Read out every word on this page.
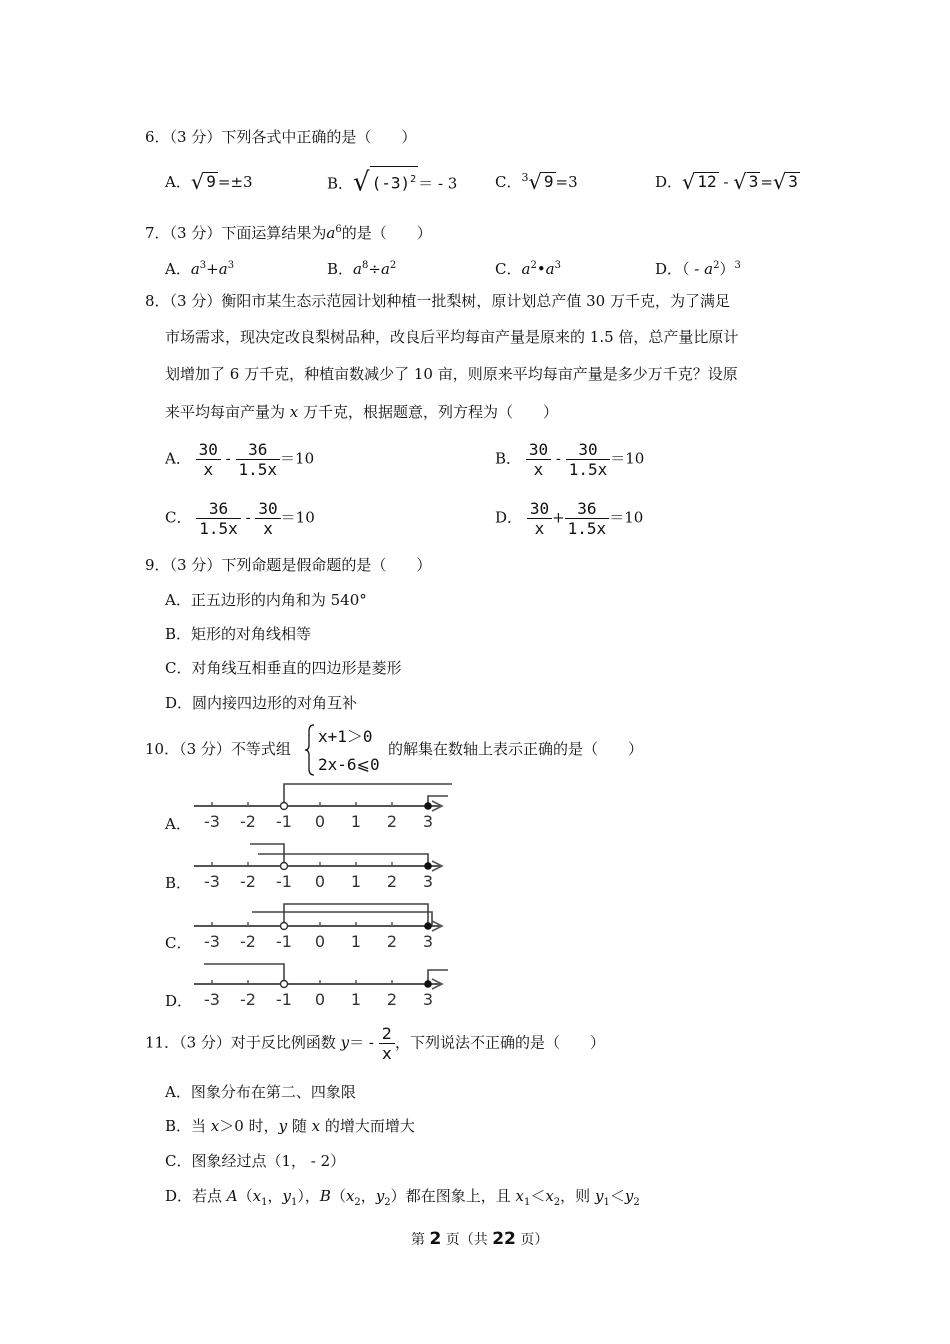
6．（3 分）下列各式中正确的是（　　）
A．√ 9 =±3	B．√ $(-3)^2$ ＝ - 3	C．$^3$√ 9 =3	D．√ 12 - √ 3 =√ 3
7．（3 分）下面运算结果为$a^6$的是（　　）
A．$a^3+a^3$	B．$a^8\div a^2$	C．$a^2•a^3$	D．（ - $a^2)^3$
8．（3 分）衡阳市某生态示范园计划种植一批梨树，原计划总产值 30 万千克，为了满足
市场需求，现决定改良梨树品种，改良后平均每亩产量是原来的 1.5 倍，总产量比原计
划增加了 6 万千克，种植亩数减少了 10 亩，则原来平均每亩产量是多少万千克？设原
来平均每亩产量为 x 万千克，根据题意，列方程为（　　）
A． $\frac{30}{x} - \frac{36}{1.5x} =10$	B． $\frac{30}{x} - \frac{30}{1.5x} =10$
C． $\frac{36}{1.5x} - \frac{30}{x} =10$	D． $\frac{30}{x} + \frac{36}{1.5x} =10$
9．（3 分）下列命题是假命题的是（　　）
A．正五边形的内角和为 540°
B．矩形的对角线相等
C．对角线互相垂直的四边形是菱形
D．圆内接四边形的对角互补
10．（3 分）不等式组
x+1＞0
2x-6⩽0
的解集在数轴上表示正确的是（　　）
A． -3 -2 -1 0 1 2 3
B． -3 -2 -1 0 1 2 3
C． -3 -2 -1 0 1 2 3
D． -3 -2 -1 0 1 2 3
11．（3 分）对于反比例函数 $y= - \frac{2}{x}$ ，下列说法不正确的是（　　）
A．图象分布在第二、四象限
B．当 x＞0 时，y 随 x 的增大而增大
C．图象经过点（1， - 2）
D．若点 $A(x_1$，$y_1$），$B(x_2$，$y_2$）都在图象上，且 $x_1<x_2$，则 $y_1<y_2$
第 2 页（共 22 页）
